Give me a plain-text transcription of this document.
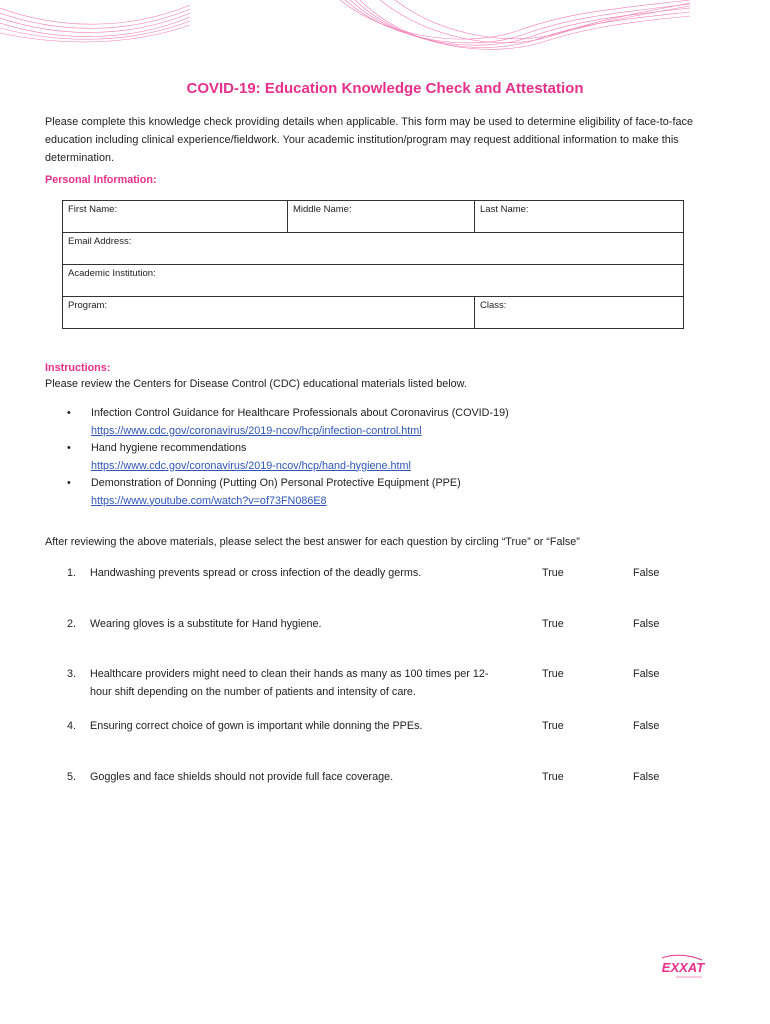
COVID-19: Education Knowledge Check and Attestation

Please complete this knowledge check providing details when applicable. This form may be used to determine eligibility of face-to-face education including clinical experience/fieldwork. Your academic institution/program may request additional information to make this determination.

Personal Information:

First Name:	Middle Name:	Last Name:
Email Address:		
Academic Institution:		
Program:		Class:

Instructions:

Please review the Centers for Disease Control (CDC) educational materials listed below.

• Infection Control Guidance for Healthcare Professionals about Coronavirus (COVID-19)
https://www.cdc.gov/coronavirus/2019-ncov/hcp/infection-control.html
• Hand hygiene recommendations
https://www.cdc.gov/coronavirus/2019-ncov/hcp/hand-hygiene.html
• Demonstration of Donning (Putting On) Personal Protective Equipment (PPE)
https://www.youtube.com/watch?v=of73FN086E8

After reviewing the above materials, please select the best answer for each question by circling “True” or “False”

1. Handwashing prevents spread or cross infection of the deadly germs.	True	False
2. Wearing gloves is a substitute for Hand hygiene.	True	False
3. Healthcare providers might need to clean their hands as many as 100 times per 12-hour shift depending on the number of patients and intensity of care.
True	False
4. Ensuring correct choice of gown is important while donning the PPEs.	True	False
5. Goggles and face shields should not provide full face coverage.	True	False
EXXAT
